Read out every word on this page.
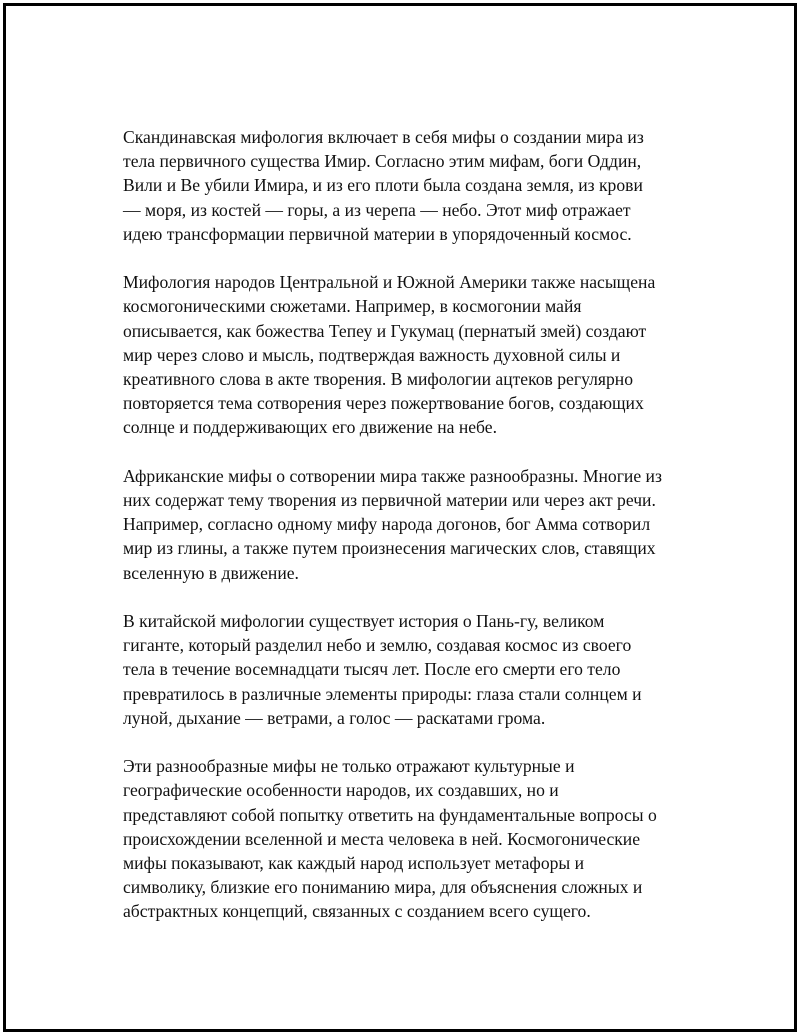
Скандинавская мифология включает в себя мифы о создании мира из
тела первичного существа Имир. Согласно этим мифам, боги Оддин,
Вили и Ве убили Имира, и из его плоти была создана земля, из крови
— моря, из костей — горы, а из черепа — небо. Этот миф отражает
идею трансформации первичной материи в упорядоченный космос.

Мифология народов Центральной и Южной Америки также насыщена
космогоническими сюжетами. Например, в космогонии майя
описывается, как божества Тепеу и Гукумац (пернатый змей) создают
мир через слово и мысль, подтверждая важность духовной силы и
креативного слова в акте творения. В мифологии ацтеков регулярно
повторяется тема сотворения через пожертвование богов, создающих
солнце и поддерживающих его движение на небе.

Африканские мифы о сотворении мира также разнообразны. Многие из
них содержат тему творения из первичной материи или через акт речи.
Например, согласно одному мифу народа догонов, бог Амма сотворил
мир из глины, а также путем произнесения магических слов, ставящих
вселенную в движение.

В китайской мифологии существует история о Пань-гу, великом
гиганте, который разделил небо и землю, создавая космос из своего
тела в течение восемнадцати тысяч лет. После его смерти его тело
превратилось в различные элементы природы: глаза стали солнцем и
луной, дыхание — ветрами, а голос — раскатами грома.

Эти разнообразные мифы не только отражают культурные и
географические особенности народов, их создавших, но и
представляют собой попытку ответить на фундаментальные вопросы о
происхождении вселенной и места человека в ней. Космогонические
мифы показывают, как каждый народ использует метафоры и
символику, близкие его пониманию мира, для объяснения сложных и
абстрактных концепций, связанных с созданием всего сущего.
